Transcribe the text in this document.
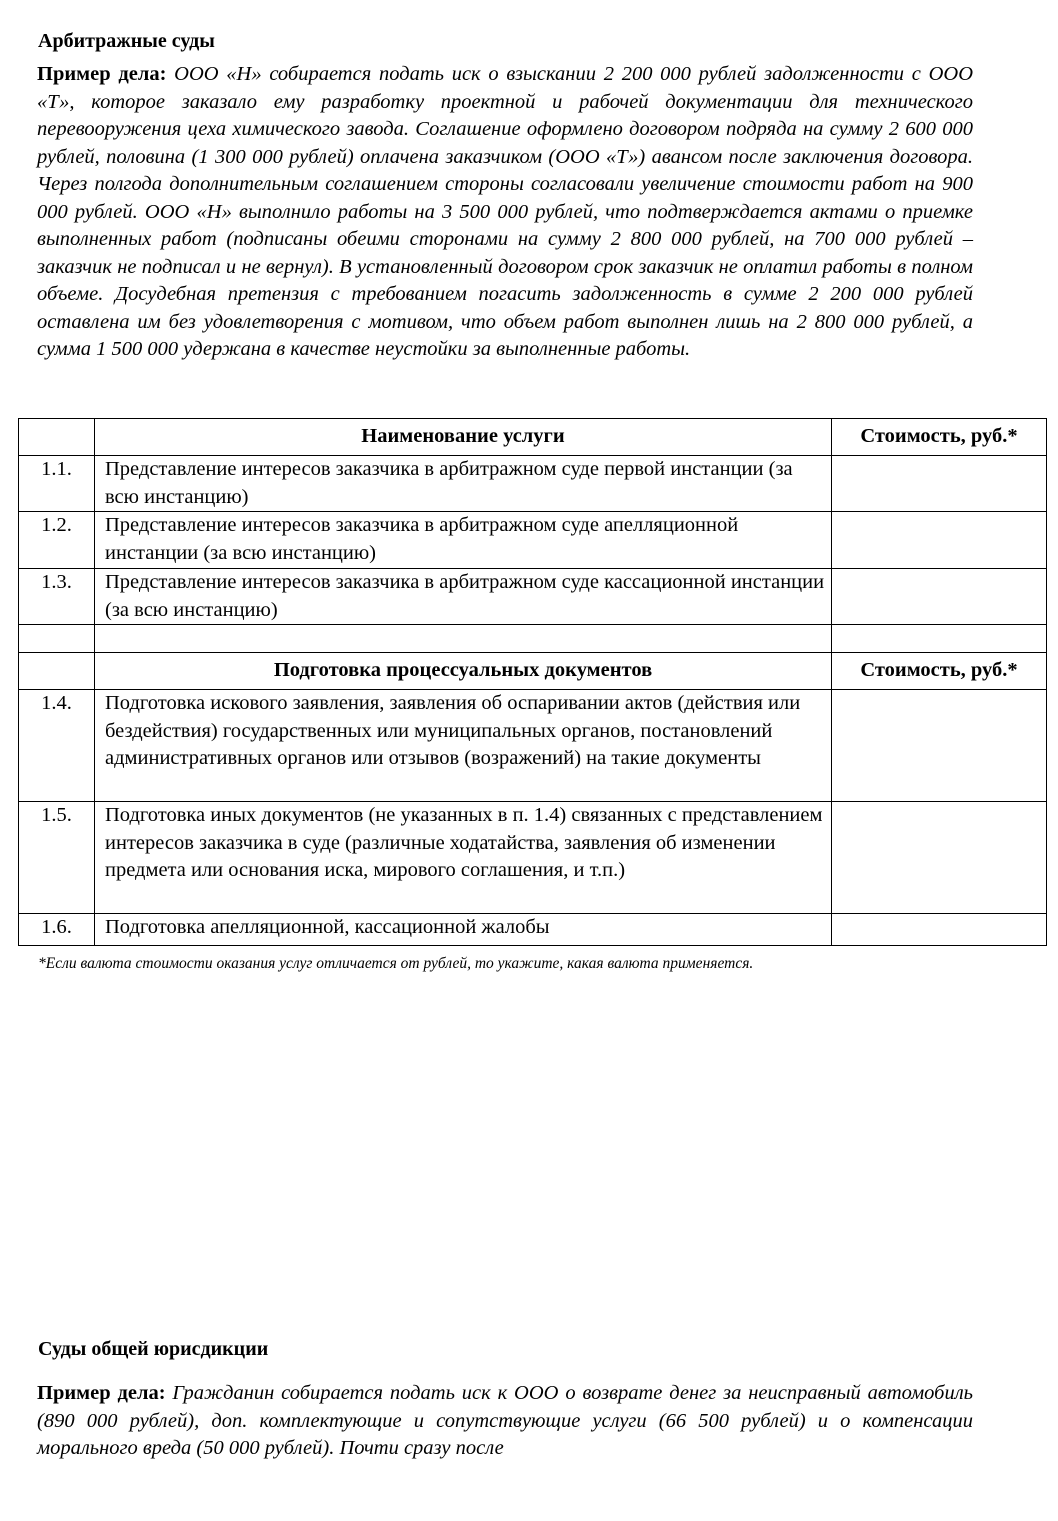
Арбитражные суды

Пример дела: ООО «Н» собирается подать иск о взыскании 2 200 000 рублей задолженности с ООО «Т», которое заказало ему разработку проектной и рабочей документации для технического перевооружения цеха химического завода. Соглашение оформлено договором подряда на сумму 2 600 000 рублей, половина (1 300 000 рублей) оплачена заказчиком (ООО «Т») авансом после заключения договора. Через полгода дополнительным соглашением стороны согласовали увеличение стоимости работ на 900 000 рублей. ООО «Н» выполнило работы на 3 500 000 рублей, что подтверждается актами о приемке выполненных работ (подписаны обеими сторонами на сумму 2 800 000 рублей, на 700 000 рублей – заказчик не подписал и не вернул). В установленный договором срок заказчик не оплатил работы в полном объеме. Досудебная претензия с требованием погасить задолженность в сумме 2 200 000 рублей оставлена им без удовлетворения с мотивом, что объем работ выполнен лишь на 2 800 000 рублей, а сумма 1 500 000 удержана в качестве неустойки за выполненные работы.

	Наименование услуги	Стоимость, руб.*
1.1.	Представление интересов заказчика в арбитражном суде первой инстанции (за всю инстанцию)	
1.2.	Представление интересов заказчика в арбитражном суде апелляционной инстанции (за всю инстанцию)	
1.3.	Представление интересов заказчика в арбитражном суде кассационной инстанции (за всю инстанцию)	

	Подготовка процессуальных документов	Стоимость, руб.*
1.4.	Подготовка искового заявления, заявления об оспаривании актов (действия или бездействия) государственных или муниципальных органов, постановлений административных органов или отзывов (возражений) на такие документы	
1.5.	Подготовка иных документов (не указанных в п. 1.4) связанных с представлением интересов заказчика в суде (различные ходатайства, заявления об изменении предмета или основания иска, мирового соглашения, и т.п.)	
1.6.	Подготовка апелляционной, кассационной жалобы	

*Если валюта стоимости оказания услуг отличается от рублей, то укажите, какая валюта применяется.

Суды общей юрисдикции

Пример дела: Гражданин собирается подать иск к ООО о возврате денег за неисправный автомобиль (890 000 рублей), доп. комплектующие и сопутствующие услуги (66 500 рублей) и о компенсации морального вреда (50 000 рублей). Почти сразу после
